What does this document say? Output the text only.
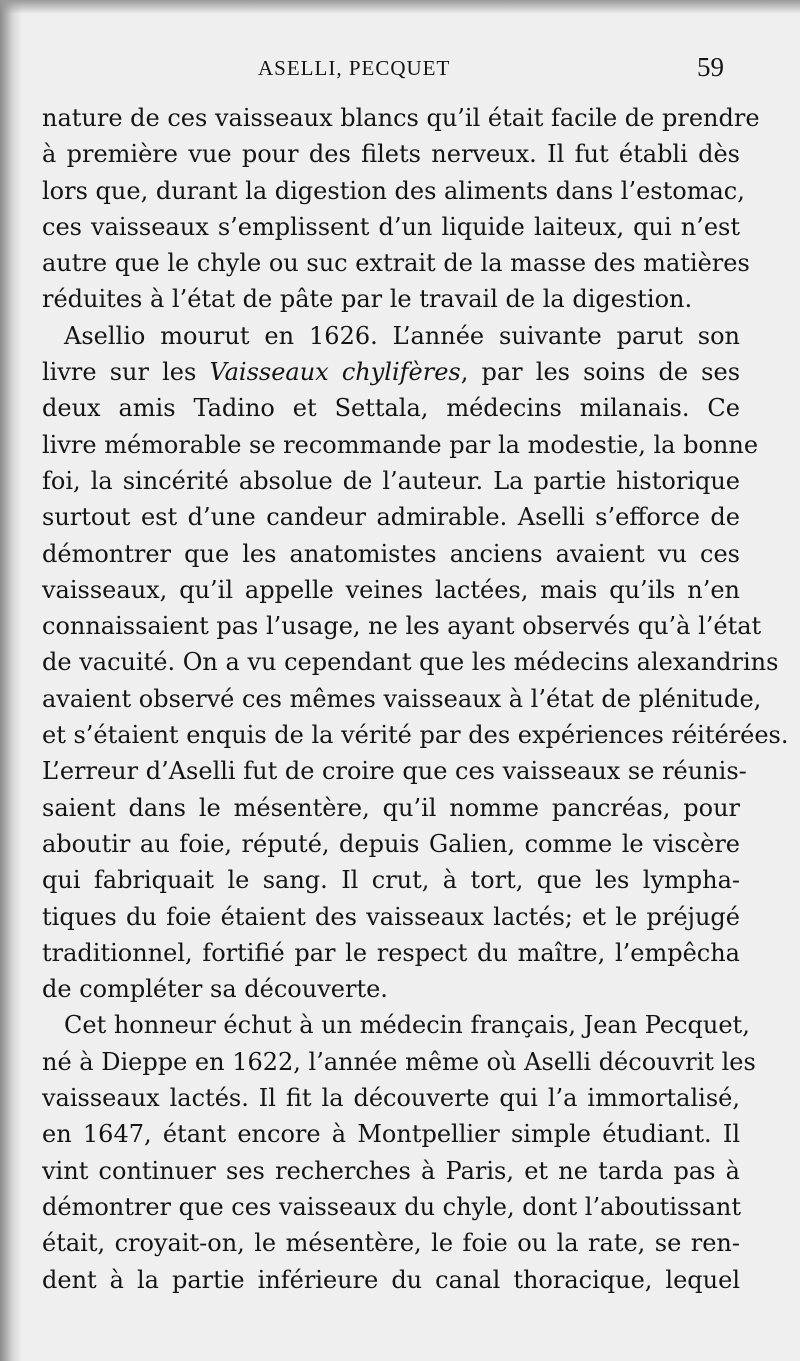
ASELLI, PECQUET	59
nature de ces vaisseaux blancs qu’il était facile de prendre
à première vue pour des filets nerveux. Il fut établi dès
lors que, durant la digestion des aliments dans l’estomac,
ces vaisseaux s’emplissent d’un liquide laiteux, qui n’est
autre que le chyle ou suc extrait de la masse des matières
réduites à l’état de pâte par le travail de la digestion.
Asellio mourut en 1626. L’année suivante parut son
livre sur les Vaisseaux chylifères, par les soins de ses
deux amis Tadino et Settala, médecins milanais. Ce
livre mémorable se recommande par la modestie, la bonne
foi, la sincérité absolue de l’auteur. La partie historique
surtout est d’une candeur admirable. Aselli s’efforce de
démontrer que les anatomistes anciens avaient vu ces
vaisseaux, qu’il appelle veines lactées, mais qu’ils n’en
connaissaient pas l’usage, ne les ayant observés qu’à l’état
de vacuité. On a vu cependant que les médecins alexandrins
avaient observé ces mêmes vaisseaux à l’état de plénitude,
et s’étaient enquis de la vérité par des expériences réitérées.
L’erreur d’Aselli fut de croire que ces vaisseaux se réunis-
saient dans le mésentère, qu’il nomme pancréas, pour
aboutir au foie, réputé, depuis Galien, comme le viscère
qui fabriquait le sang. Il crut, à tort, que les lympha-
tiques du foie étaient des vaisseaux lactés; et le préjugé
traditionnel, fortifié par le respect du maître, l’empêcha
de compléter sa découverte.
Cet honneur échut à un médecin français, Jean Pecquet,
né à Dieppe en 1622, l’année même où Aselli découvrit les
vaisseaux lactés. Il fit la découverte qui l’a immortalisé,
en 1647, étant encore à Montpellier simple étudiant. Il
vint continuer ses recherches à Paris, et ne tarda pas à
démontrer que ces vaisseaux du chyle, dont l’aboutissant
était, croyait-on, le mésentère, le foie ou la rate, se ren-
dent à la partie inférieure du canal thoracique, lequel
